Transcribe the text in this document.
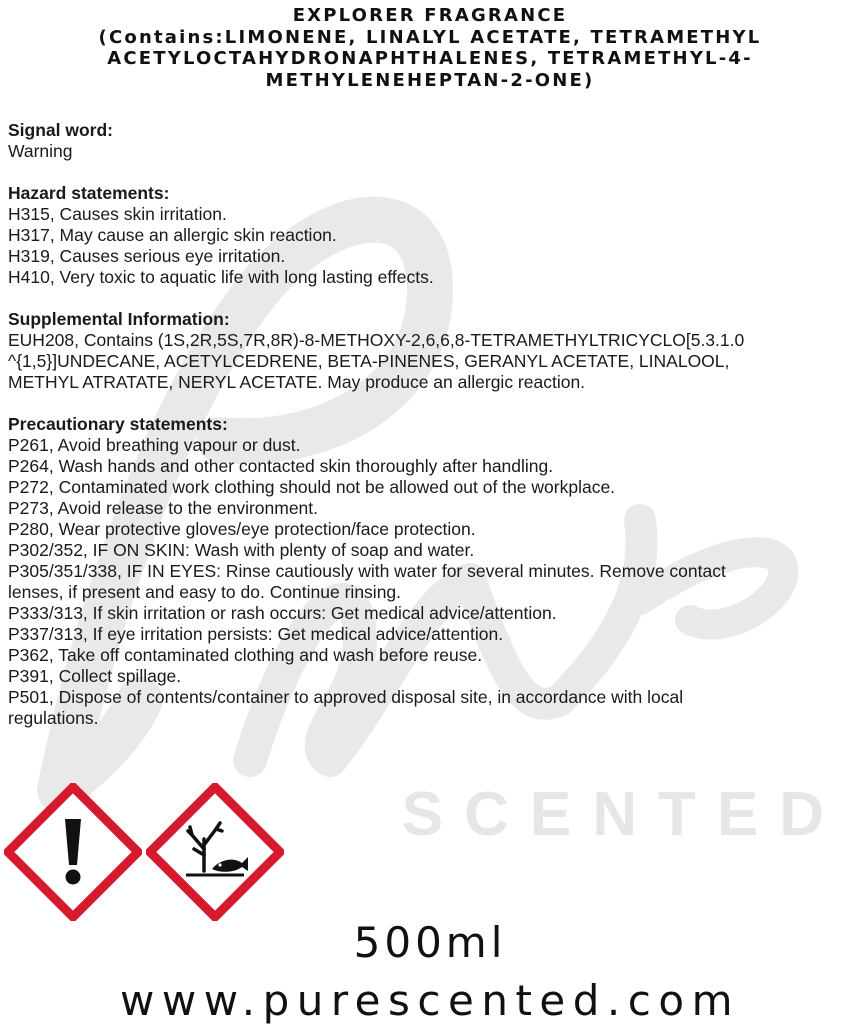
SCENTED
EXPLORER FRAGRANCE
(Contains:LIMONENE, LINALYL ACETATE, TETRAMETHYL
ACETYLOCTAHYDRONAPHTHALENES, TETRAMETHYL-4-
METHYLENEHEPTAN-2-ONE)
Signal word:
Warning
Hazard statements:
H315, Causes skin irritation.
H317, May cause an allergic skin reaction.
H319, Causes serious eye irritation.
H410, Very toxic to aquatic life with long lasting effects.
Supplemental Information:
EUH208, Contains (1S,2R,5S,7R,8R)-8-METHOXY-2,6,6,8-TETRAMETHYLTRICYCLO[5.3.1.0
^{1,5}]UNDECANE, ACETYLCEDRENE, BETA-PINENES, GERANYL ACETATE, LINALOOL,
METHYL ATRATATE, NERYL ACETATE. May produce an allergic reaction.
Precautionary statements:
P261, Avoid breathing vapour or dust.
P264, Wash hands and other contacted skin thoroughly after handling.
P272, Contaminated work clothing should not be allowed out of the workplace.
P273, Avoid release to the environment.
P280, Wear protective gloves/eye protection/face protection.
P302/352, IF ON SKIN: Wash with plenty of soap and water.
P305/351/338, IF IN EYES: Rinse cautiously with water for several minutes. Remove contact
lenses, if present and easy to do. Continue rinsing.
P333/313, If skin irritation or rash occurs: Get medical advice/attention.
P337/313, If eye irritation persists: Get medical advice/attention.
P362, Take off contaminated clothing and wash before reuse.
P391, Collect spillage.
P501, Dispose of contents/container to approved disposal site, in accordance with local
regulations.
500ml
www.purescented.com
